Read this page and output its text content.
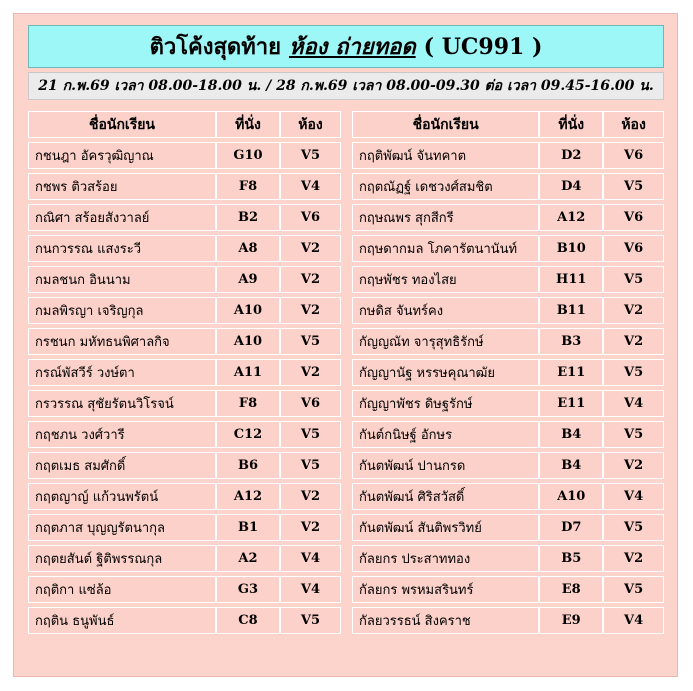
ติวโค้งสุดท้าย ห้อง ถ่ายทอด ( UC991 )
21 ก.พ.69 เวลา 08.00-18.00 น. / 28 ก.พ.69 เวลา 08.00-09.30 ต่อ เวลา 09.45-16.00 น.
ชื่อนักเรียน	ที่นั่ง	ห้อง
กชนฎา อัครวุฒิญาณ	G10	V5
กชพร ติวสร้อย	F8	V4
กณิศา สร้อยสังวาลย์	B2	V6
กนกวรรณ แสงระวี	A8	V2
กมลชนก อินนาม	A9	V2
กมลพิรญา เจริญกุล	A10	V2
กรชนก มหัทธนพิศาลกิจ	A10	V5
กรณ์พัสวีร์ วงษ์ตา	A11	V2
กรวรรณ สุชัยรัตนวิโรจน์	F8	V6
กฤชภน วงศ์วารี	C12	V5
กฤตเมธ สมศักดิ์	B6	V5
กฤตญาญ์ แก้วนพรัตน์	A12	V2
กฤตภาส บุญญรัตนากุล	B1	V2
กฤตยสันต์ ฐิติพรรณกุล	A2	V4
กฤติกา แซ่ล้อ	G3	V4
กฤติน ธนูพันธ์	C8	V5
ชื่อนักเรียน	ที่นั่ง	ห้อง
กฤติพัฒน์ จันทคาต	D2	V6
กฤตณัฏฐ์ เดชวงศ์สมชิต	D4	V5
กฤษณพร สุกสีกรี	A12	V6
กฤษดากมล โภคารัตนานันท์	B10	V6
กฤษพัชร ทองไสย	H11	V5
กษดิส จันทร์คง	B11	V2
กัญญณัท จารุสุทธิรักษ์	B3	V2
กัญญานัฐ หรรษคุณาฒัย	E11	V5
กัญญาพัชร ดิษฐรักษ์	E11	V4
กันต์กนิษฐ์ อักษร	B4	V5
กันตพัฒน์ ปานกรด	B4	V2
กันตพัฒน์ ศิริสวัสดิ์	A10	V4
กันตพัฒน์ สันติพรวิทย์	D7	V5
กัลยกร ประสาททอง	B5	V2
กัลยกร พรหมสรินทร์	E8	V5
กัลยวรรธน์ สิงคราช	E9	V4
